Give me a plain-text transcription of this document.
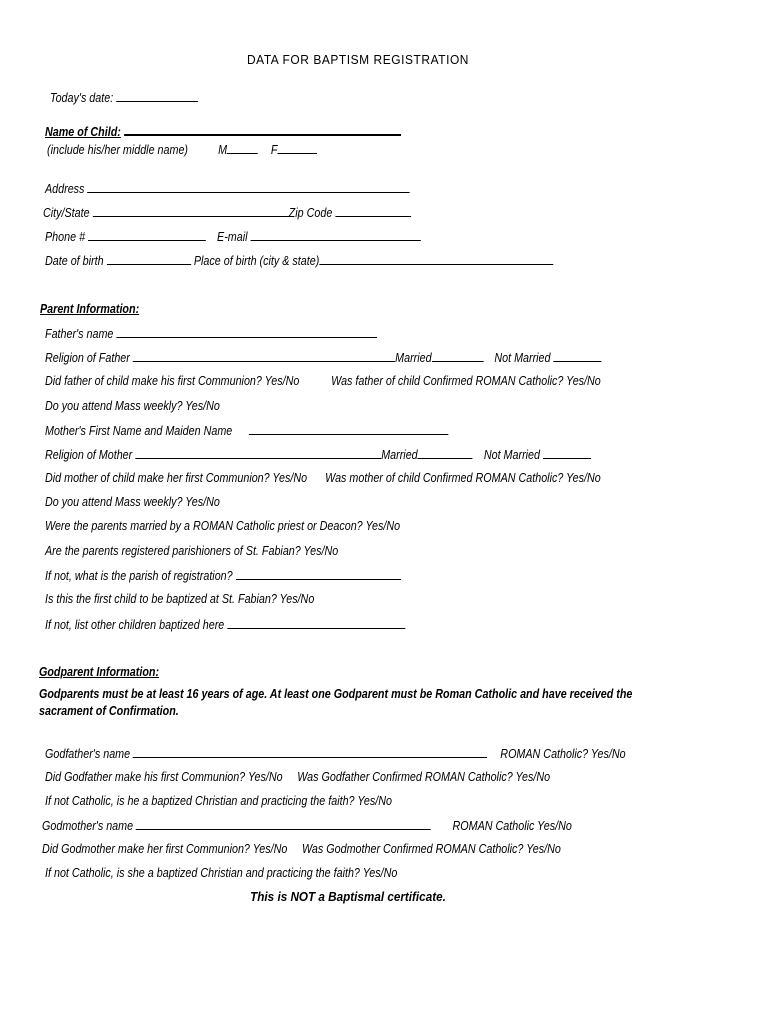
DATA FOR BAPTISM REGISTRATION
Today's date:
Name of Child:
(include his/her middle name) M	F
Address
City/State	Zip Code
Phone #	E-mail
Date of birth	Place of birth (city & state)
Parent Information:
Father's name
Religion of Father	Married	Not Married
Did father of child make his first Communion? Yes/No	Was father of child Confirmed ROMAN Catholic? Yes/No
Do you attend Mass weekly? Yes/No
Mother's First Name and Maiden Name
Religion of Mother	Married	Not Married
Did mother of child make her first Communion? Yes/No Was mother of child Confirmed ROMAN Catholic? Yes/No
Do you attend Mass weekly? Yes/No
Were the parents married by a ROMAN Catholic priest or Deacon? Yes/No
Are the parents registered parishioners of St. Fabian? Yes/No
If not, what is the parish of registration?
Is this the first child to be baptized at St. Fabian? Yes/No
If not, list other children baptized here
Godparent Information:
Godparents must be at least 16 years of age. At least one Godparent must be Roman Catholic and have received the sacrament of Confirmation.
Godfather's name	ROMAN Catholic? Yes/No
Did Godfather make his first Communion? Yes/No Was Godfather Confirmed ROMAN Catholic? Yes/No
If not Catholic, is he a baptized Christian and practicing the faith? Yes/No
Godmother's name	ROMAN Catholic Yes/No
Did Godmother make her first Communion? Yes/No Was Godmother Confirmed ROMAN Catholic? Yes/No
If not Catholic, is she a baptized Christian and practicing the faith? Yes/No
This is NOT a Baptismal certificate.
